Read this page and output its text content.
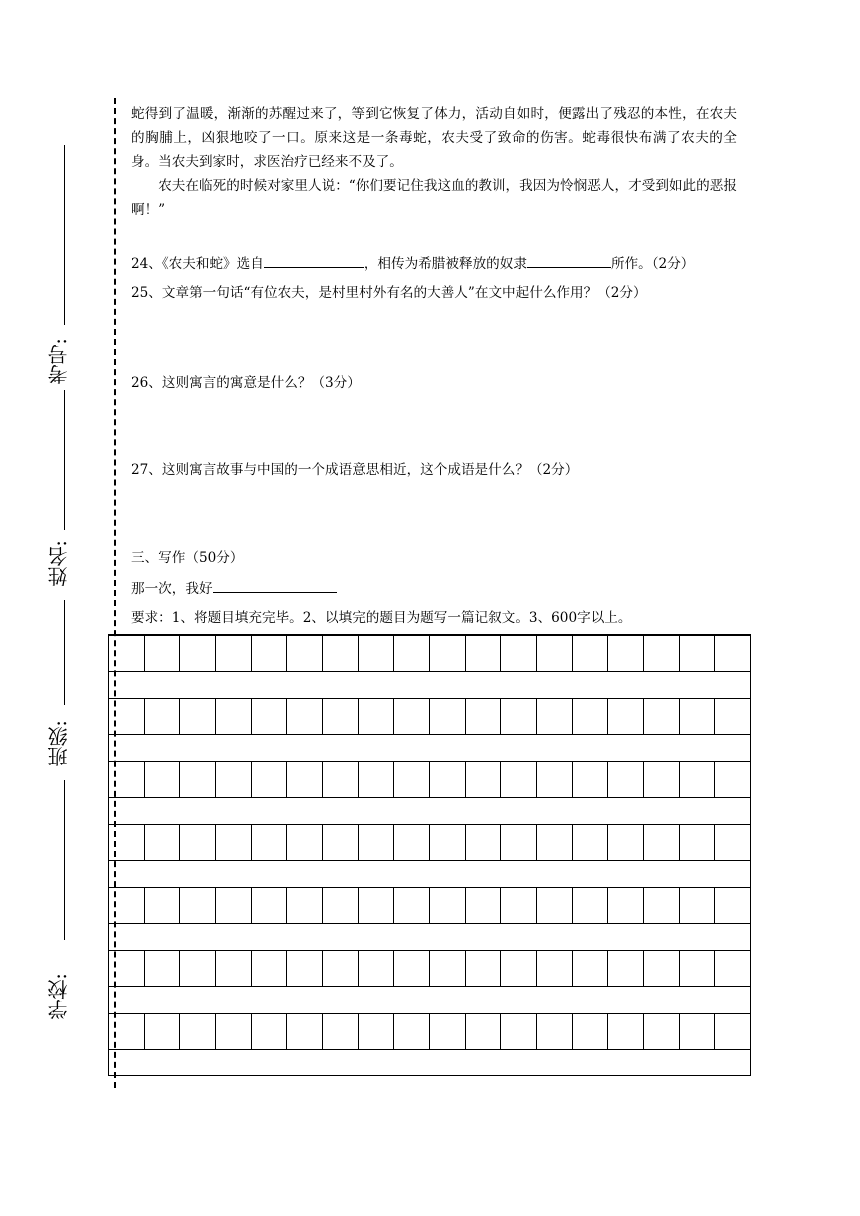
考号:
姓名:
班级:
学校:

蛇得到了温暖，渐渐的苏醒过来了，等到它恢复了体力，活动自如时，便露出了残忍的本性，在农夫的胸脯上，凶狠地咬了一口。原来这是一条毒蛇，农夫受了致命的伤害。蛇毒很快布满了农夫的全身。当农夫到家时，求医治疗已经来不及了。

农夫在临死的时候对家里人说：“你们要记住我这血的教训，我因为怜悯恶人，才受到如此的恶报啊！”

24、《农夫和蛇》选自	，相传为希腊被释放的奴隶	所作。（2分）
25、文章第一句话“有位农夫，是村里村外有名的大善人”在文中起什么作用？（2分）
26、这则寓言的寓意是什么？（3分）
27、这则寓言故事与中国的一个成语意思相近，这个成语是什么？（2分）
三、写作（50分）
那一次，我好
要求：1、将题目填充完毕。2、以填完的题目为题写一篇记叙文。3、600字以上。
